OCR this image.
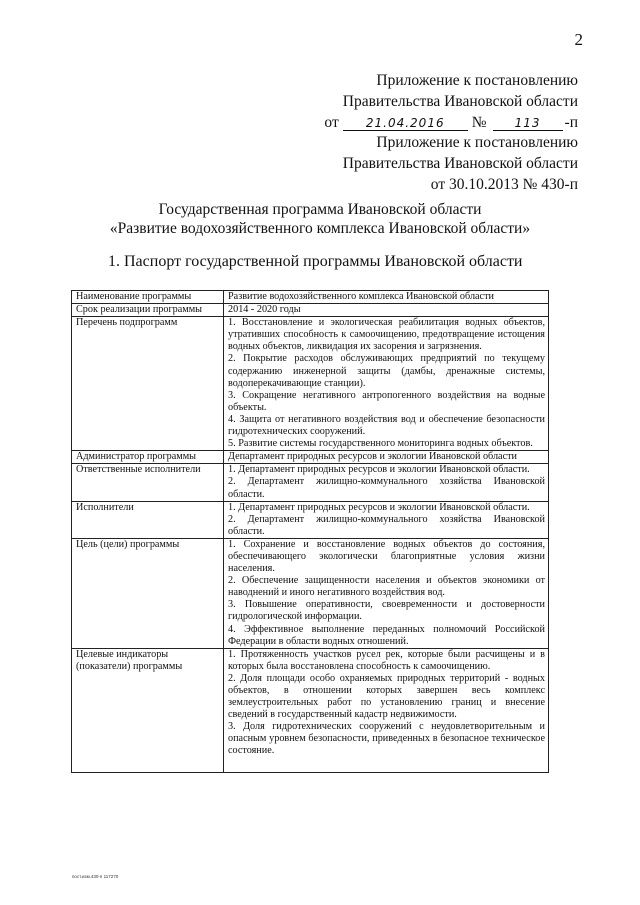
2
Приложение к постановлению
Правительства Ивановской области
от 21.04.2016 № 113 -п
Приложение к постановлению
Правительства Ивановской области
от 30.10.2013 № 430-п
Государственная программа Ивановской области
«Развитие водохозяйственного комплекса Ивановской области»
1. Паспорт государственной программы Ивановской области
Наименование программы	Развитие водохозяйственного комплекса Ивановской области

Срок реализации программы	2014 - 2020 годы

Перечень подпрограмм	1. Восстановление и экологическая реабилитация водных объектов, утративших способность к самоочищению, предотвращение истощения водных объектов, ликвидация их засорения и загрязнения.
2. Покрытие расходов обслуживающих предприятий по текущему содержанию инженерной защиты (дамбы, дренажные системы, водоперекачивающие станции).
3. Сокращение негативного антропогенного воздействия на водные объекты.
4. Защита от негативного воздействия вод и обеспечение безопасности гидротехнических сооружений.
5. Развитие системы государственного мониторинга водных объектов.

Администратор программы	Департамент природных ресурсов и экологии Ивановской области

Ответственные исполнители	1. Департамент природных ресурсов и экологии Ивановской области.
2. Департамент жилищно-коммунального хозяйства Ивановской области.

Исполнители	1. Департамент природных ресурсов и экологии Ивановской области.
2. Департамент жилищно-коммунального хозяйства Ивановской области.

Цель (цели) программы	1. Сохранение и восстановление водных объектов до состояния, обеспечивающего экологически благоприятные условия жизни населения.
2. Обеспечение защищенности населения и объектов экономики от наводнений и иного негативного воздействия вод.
3. Повышение оперативности, своевременности и достоверности гидрологической информации.
4. Эффективное выполнение переданных полномочий Российской Федерации в области водных отношений.

Целевые индикаторы (показатели) программы	1. Протяженность участков русел рек, которые были расчищены и в которых была восстановлена способность к самоочищению.
2. Доля площади особо охраняемых природных территорий - водных объектов, в отношении которых завершен весь комплекс землеустроительных работ по установлению границ и внесение сведений в государственный кадастр недвижимости.
3. Доля гидротехнических сооружений с неудовлетворительным и опасным уровнем безопасности, приведенных в безопасное техническое состояние.
пост.изм.430-п 117270
